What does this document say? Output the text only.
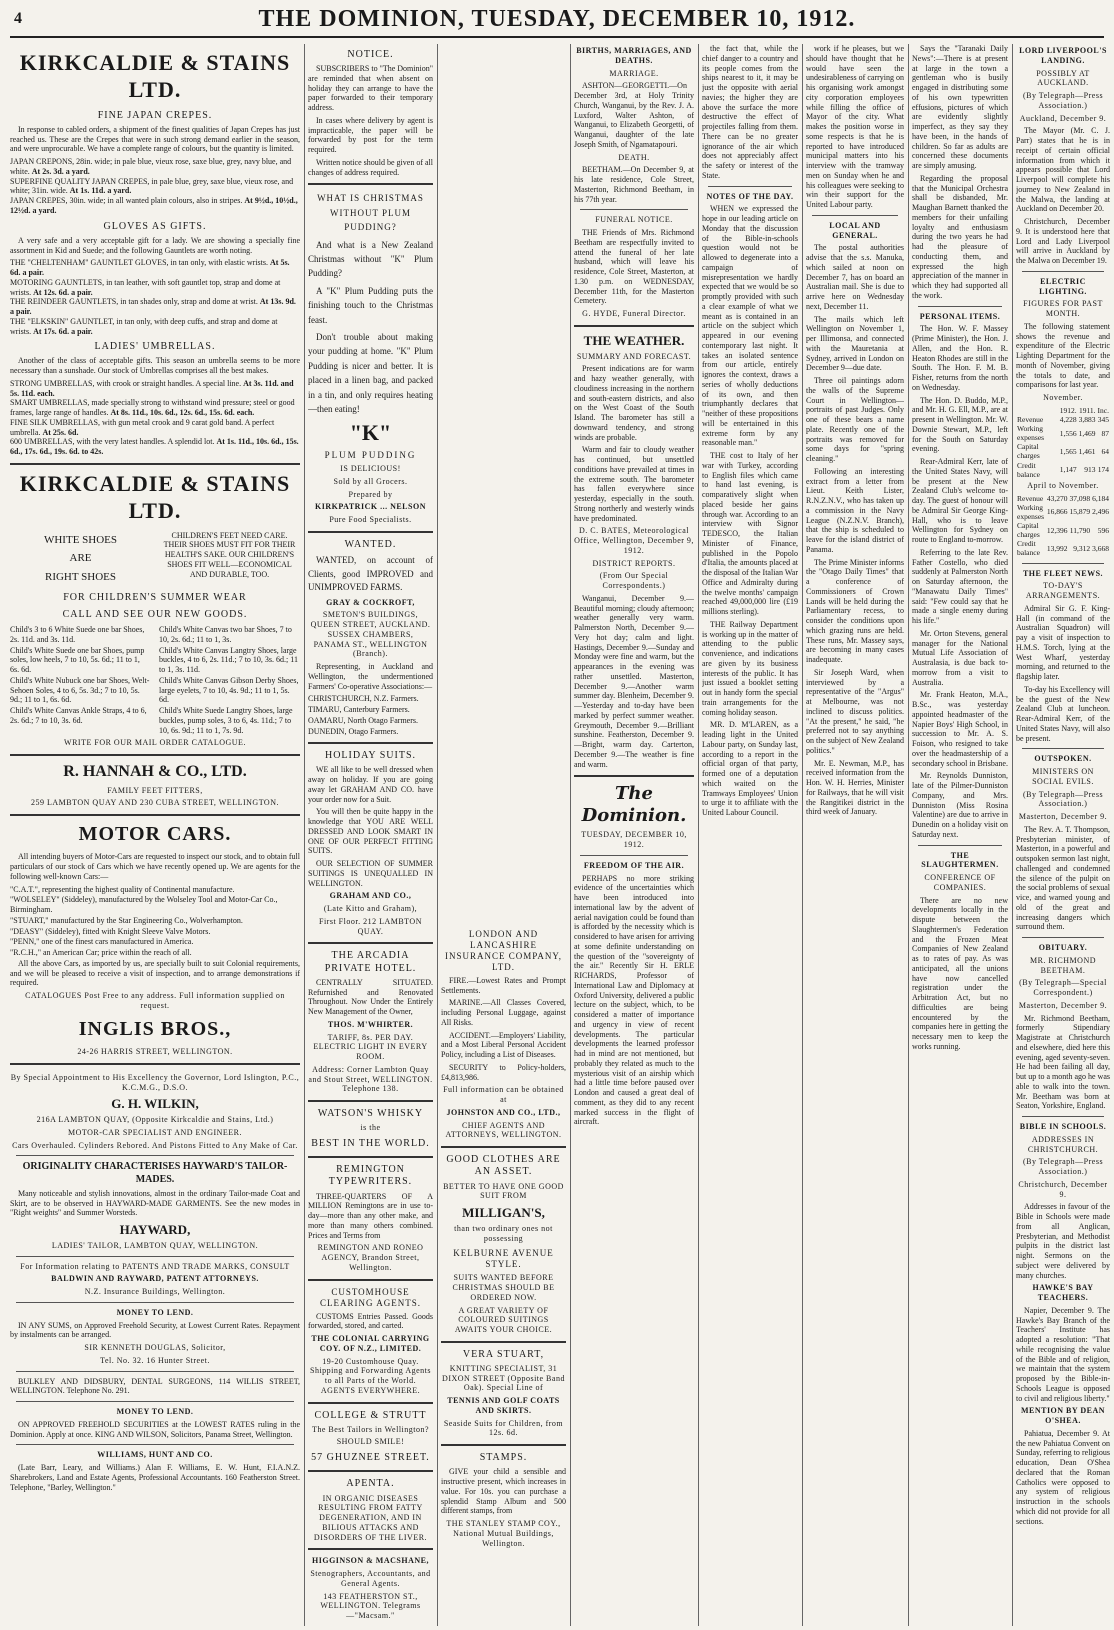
4	THE DOMINION, TUESDAY, DECEMBER 10, 1912.
KIRKCALDIE & STAINS LTD.
FINE JAPAN CREPES.
In response to cabled orders, a shipment of the finest qualities of Japan Crepes has just reached us. These are the Crepes that were in such strong demand earlier in the season, and were unprocurable. We have a complete range of colours, but the quantity is limited.
JAPAN CREPONS, 28in. wide; in pale blue, vieux rose, saxe blue, grey, navy blue, and white. At 2s. 3d. a yard.
SUPERFINE QUALITY JAPAN CREPES, in pale blue, grey, saxe blue, vieux rose, and white; 31in. wide. At 1s. 11d. a yard.
JAPAN CREPES, 30in. wide; in all wanted plain colours, also in stripes. At 9½d., 10½d., 12½d. a yard.
GLOVES AS GIFTS.
A very safe and a very acceptable gift for a lady. We are showing a specially fine assortment in Kid and Suede; and the following Gauntlets are worth noting.
THE "CHELTENHAM" GAUNTLET GLOVES, in tan only, with elastic wrists. At 5s. 6d. a pair.
MOTORING GAUNTLETS, in tan leather, with soft gauntlet top, strap and dome at wrists. At 12s. 6d. a pair.
THE REINDEER GAUNTLETS, in tan shades only, strap and dome at wrist. At 13s. 9d. a pair.
THE "ELKSKIN" GAUNTLET, in tan only, with deep cuffs, and strap and dome at wrists. At 17s. 6d. a pair.
LADIES' UMBRELLAS.
Another of the class of acceptable gifts. This season an umbrella seems to be more necessary than a sunshade. Our stock of Umbrellas comprises all the best makes.
STRONG UMBRELLAS, with crook or straight handles. A special line. At 3s. 11d. and 5s. 11d. each.
SMART UMBRELLAS, made specially strong to withstand wind pressure; steel or good frames, large range of handles. At 8s. 11d., 10s. 6d., 12s. 6d., 15s. 6d. each.
FINE SILK UMBRELLAS, with gun metal crook and 9 carat gold band. A perfect umbrella. At 25s. 6d.
600 UMBRELLAS, with the very latest handles. A splendid lot. At 1s. 11d., 10s. 6d., 15s. 6d., 17s. 6d., 19s. 6d. to 42s.
KIRKCALDIE & STAINS LTD.
WHITE SHOES
ARE
RIGHT SHOES
CHILDREN'S FEET NEED CARE. THEIR SHOES MUST FIT FOR THEIR HEALTH'S SAKE. OUR CHILDREN'S SHOES FIT WELL—ECONOMICAL AND DURABLE, TOO.
FOR CHILDREN'S SUMMER WEAR
CALL AND SEE OUR NEW GOODS.
Child's 3 to 6 White Suede one bar Shoes, 2s. 11d. and 3s. 11d.
Child's White Suede one bar Shoes, pump soles, low heels, 7 to 10, 5s. 6d.; 11 to 1, 6s. 6d.
Child's White Nubuck one bar Shoes, Welt-Sehoen Soles, 4 to 6, 5s. 3d.; 7 to 10, 5s. 9d.; 11 to 1, 6s. 6d.
Child's White Canvas Ankle Straps, 4 to 6, 2s. 6d.; 7 to 10, 3s. 6d.
Child's White Canvas two bar Shoes, 7 to 10, 2s. 6d.; 11 to 1, 3s.
Child's White Canvas Langtry Shoes, large buckles, 4 to 6, 2s. 11d.; 7 to 10, 3s. 6d.; 11 to 1, 3s. 11d.
Child's White Canvas Gibson Derby Shoes, large eyelets, 7 to 10, 4s. 9d.; 11 to 1, 5s. 6d.
Child's White Suede Langtry Shoes, large buckles, pump soles, 3 to 6, 4s. 11d.; 7 to 10, 6s. 9d.; 11 to 1, 7s. 9d.
WRITE FOR OUR MAIL ORDER CATALOGUE.
R. HANNAH & CO., LTD.
FAMILY FEET FITTERS,
259 LAMBTON QUAY AND 230 CUBA STREET, WELLINGTON.
MOTOR CARS.
All intending buyers of Motor-Cars are requested to inspect our stock, and to obtain full particulars of our stock of Cars which we have recently opened up. We are agents for the following well-known Cars:—
"C.A.T.", representing the highest quality of Continental manufacture.
"WOLSELEY" (Siddeley), manufactured by the Wolseley Tool and Motor-Car Co., Birmingham.
"STUART," manufactured by the Star Engineering Co., Wolverhampton.
"DEASY" (Siddeley), fitted with Knight Sleeve Valve Motors.
"PENN," one of the finest cars manufactured in America.
"R.C.H.," an American Car; price within the reach of all.
All the above Cars, as imported by us, are specially built to suit Colonial requirements, and we will be pleased to receive a visit of inspection, and to arrange demonstrations if required.
CATALOGUES Post Free to any address. Full information supplied on request.
INGLIS BROS.,
24-26 HARRIS STREET, WELLINGTON.
By Special Appointment to His Excellency the Governor, Lord Islington, P.C., K.C.M.G., D.S.O.
G. H. WILKIN,
216A LAMBTON QUAY, (Opposite Kirkcaldie and Stains, Ltd.)
MOTOR-CAR SPECIALIST AND ENGINEER.
Cars Overhauled. Cylinders Rebored. And Pistons Fitted to Any Make of Car.
ORIGINALITY CHARACTERISES HAYWARD'S TAILOR-MADES.
Many noticeable and stylish innovations, almost in the ordinary Tailor-made Coat and Skirt, are to be observed in HAYWARD-MADE GARMENTS. See the new modes in "Right weights" and Summer Worsteds.
HAYWARD,
LADIES' TAILOR, LAMBTON QUAY, WELLINGTON.
For Information relating to PATENTS AND TRADE MARKS, CONSULT
BALDWIN AND RAYWARD, PATENT ATTORNEYS.
N.Z. Insurance Buildings, Wellington.
MONEY TO LEND.
IN ANY SUMS, on Approved Freehold Security, at Lowest Current Rates. Repayment by instalments can be arranged.
SIR KENNETH DOUGLAS, Solicitor,
Tel. No. 32. 16 Hunter Street.
BULKLEY AND DIDSBURY, DENTAL SURGEONS, 114 WILLIS STREET, WELLINGTON. Telephone No. 291.
MONEY TO LEND.
ON APPROVED FREEHOLD SECURITIES at the LOWEST RATES ruling in the Dominion. Apply at once. KING AND WILSON, Solicitors, Panama Street, Wellington.
WILLIAMS, HUNT AND CO.
(Late Barr, Leary, and Williams.) Alan F. Williams, E. W. Hunt, F.I.A.N.Z. Sharebrokers, Land and Estate Agents, Professional Accountants. 160 Featherston Street. Telephone, "Barley, Wellington."
NOTICE.
SUBSCRIBERS to "The Dominion" are reminded that when absent on holiday they can arrange to have the paper forwarded to their temporary address.
In cases where delivery by agent is impracticable, the paper will be forwarded by post for the term required.
Written notice should be given of all changes of address required.
WHAT IS CHRISTMAS WITHOUT PLUM PUDDING?
And what is a New Zealand Christmas without "K" Plum Pudding?
A "K" Plum Pudding puts the finishing touch to the Christmas feast.
Don't trouble about making your pudding at home. "K" Plum Pudding is nicer and better. It is placed in a linen bag, and packed in a tin, and only requires heating—then eating!
"K"
PLUM PUDDING
IS DELICIOUS!
Sold by all Grocers.
Prepared by
KIRKPATRICK ... NELSON
Pure Food Specialists.
WANTED.
WANTED, on account of Clients, good IMPROVED and UNIMPROVED FARMS.
GRAY & COCKROFT,
SMETON'S BUILDINGS, QUEEN STREET, AUCKLAND. SUSSEX CHAMBERS, PANAMA ST., WELLINGTON (Branch).
Representing, in Auckland and Wellington, the undermentioned Farmers' Co-operative Associations:—
CHRISTCHURCH, N.Z. Farmers.
TIMARU, Canterbury Farmers.
OAMARU, North Otago Farmers.
DUNEDIN, Otago Farmers.
HOLIDAY SUITS.
WE all like to be well dressed when away on holiday. If you are going away let GRAHAM AND CO. have your order now for a Suit.
You will then be quite happy in the knowledge that YOU ARE WELL DRESSED AND LOOK SMART IN ONE OF OUR PERFECT FITTING SUITS.
OUR SELECTION OF SUMMER SUITINGS IS UNEQUALLED IN WELLINGTON.
GRAHAM AND CO.,
(Late Kitto and Graham),
First Floor. 212 LAMBTON QUAY.
THE ARCADIA PRIVATE HOTEL.
CENTRALLY SITUATED. Refurnished and Renovated Throughout. Now Under the Entirely New Management of the Owner,
THOS. M'WHIRTER.
TARIFF, 8s. PER DAY. ELECTRIC LIGHT IN EVERY ROOM.
Address: Corner Lambton Quay and Stout Street, WELLINGTON. Telephone 138.
WATSON'S WHISKY
is the
BEST IN THE WORLD.
REMINGTON TYPEWRITERS.
THREE-QUARTERS OF A MILLION Remingtons are in use to-day—more than any other make, and more than many others combined. Prices and Terms from
REMINGTON AND RONEO AGENCY, Brandon Street, Wellington.
CUSTOMHOUSE CLEARING AGENTS.
CUSTOMS Entries Passed. Goods forwarded, stored, and carted.
THE COLONIAL CARRYING COY. OF N.Z., LIMITED.
19-20 Customhouse Quay. Shipping and Forwarding Agents to all Parts of the World. AGENTS EVERYWHERE.
COLLEGE & STRUTT
The Best Tailors in Wellington?
SHOULD SMILE!
57 GHUZNEE STREET.
APENTA.
IN ORGANIC DISEASES RESULTING FROM FATTY DEGENERATION, AND IN BILIOUS ATTACKS AND DISORDERS OF THE LIVER.
HIGGINSON & MACSHANE,
Stenographers, Accountants, and General Agents.
143 FEATHERSTON ST., WELLINGTON. Telegrams—"Macsam."
LONDON AND LANCASHIRE INSURANCE COMPANY, LTD.
FIRE.—Lowest Rates and Prompt Settlements.
MARINE.—All Classes Covered, including Personal Luggage, against All Risks.
ACCIDENT.—Employers' Liability, and a Most Liberal Personal Accident Policy, including a List of Diseases.
SECURITY to Policy-holders, £4,813,986.
Full information can be obtained at
JOHNSTON AND CO., LTD.,
CHIEF AGENTS AND ATTORNEYS, WELLINGTON.
GOOD CLOTHES ARE AN ASSET.
BETTER TO HAVE ONE GOOD SUIT FROM
MILLIGAN'S,
than two ordinary ones not possessing
KELBURNE AVENUE STYLE.
SUITS WANTED BEFORE CHRISTMAS SHOULD BE ORDERED NOW.
A GREAT VARIETY OF COLOURED SUITINGS AWAITS YOUR CHOICE.
VERA STUART,
KNITTING SPECIALIST, 31 DIXON STREET (Opposite Band Oak). Special Line of
TENNIS AND GOLF COATS AND SKIRTS.
Seaside Suits for Children, from 12s. 6d.
STAMPS.
GIVE your child a sensible and instructive present, which increases in value. For 10s. you can purchase a splendid Stamp Album and 500 different stamps, from
THE STANLEY STAMP COY., National Mutual Buildings, Wellington.
BIRTHS, MARRIAGES, AND DEATHS.
MARRIAGE.
ASHTON—GEORGETTI.—On December 3rd, at Holy Trinity Church, Wanganui, by the Rev. J. A. Luxford, Walter Ashton, of Wanganui, to Elizabeth Georgetti, of Wanganui, daughter of the late Joseph Smith, of Ngamatapouri.
DEATH.
BEETHAM.—On December 9, at his late residence, Cole Street, Masterton, Richmond Beetham, in his 77th year.
FUNERAL NOTICE.
THE Friends of Mrs. Richmond Beetham are respectfully invited to attend the funeral of her late husband, which will leave his residence, Cole Street, Masterton, at 1.30 p.m. on WEDNESDAY, December 11th, for the Masterton Cemetery.
G. HYDE, Funeral Director.
THE WEATHER.
SUMMARY AND FORECAST.
Present indications are for warm and hazy weather generally, with cloudiness increasing in the northern and south-eastern districts, and also on the West Coast of the South Island. The barometer has still a downward tendency, and strong winds are probable.
Warm and fair to cloudy weather has continued, but unsettled conditions have prevailed at times in the extreme south. The barometer has fallen everywhere since yesterday, especially in the south. Strong northerly and westerly winds have predominated.
D. C. BATES, Meteorological Office, Wellington, December 9, 1912.
DISTRICT REPORTS.
(From Our Special Correspondents.)
Wanganui, December 9.—Beautiful morning; cloudy afternoon; weather generally very warm. Palmerston North, December 9.—Very hot day; calm and light. Hastings, December 9.—Sunday and Monday were fine and warm, but the appearances in the evening was rather unsettled. Masterton, December 9.—Another warm summer day. Blenheim, December 9.—Yesterday and to-day have been marked by perfect summer weather. Greymouth, December 9.—Brilliant sunshine. Featherston, December 9.—Bright, warm day. Carterton, December 9.—The weather is fine and warm.
The Dominion.
TUESDAY, DECEMBER 10, 1912.
FREEDOM OF THE AIR.
PERHAPS no more striking evidence of the uncertainties which have been introduced into international law by the advent of aerial navigation could be found than is afforded by the necessity which is considered to have arisen for arriving at some definite understanding on the question of the "sovereignty of the air." Recently Sir H. ERLE RICHARDS, Professor of International Law and Diplomacy at Oxford University, delivered a public lecture on the subject, which, to be considered a matter of importance and urgency in view of recent developments. The particular developments the learned professor had in mind are not mentioned, but probably they related as much to the mysterious visit of an airship which had a little time before paused over London and caused a great deal of comment, as they did to any recent marked success in the flight of aircraft.
the fact that, while the chief danger to a country and its people comes from the ships nearest to it, it may be just the opposite with aerial navies; the higher they are above the surface the more destructive the effect of projectiles falling from them. There can be no greater ignorance of the air which does not appreciably affect the safety or interest of the State.
NOTES OF THE DAY.
WHEN we expressed the hope in our leading article on Monday that the discussion of the Bible-in-schools question would not be allowed to degenerate into a campaign of misrepresentation we hardly expected that we would be so promptly provided with such a clear example of what we meant as is contained in an article on the subject which appeared in our evening contemporary last night. It takes an isolated sentence from our article, entirely ignores the context, draws a series of wholly deductions of its own, and then triumphantly declares that "neither of these propositions will be entertained in this extreme form by any reasonable man."
THE cost to Italy of her war with Turkey, according to English files which came to hand last evening, is comparatively slight when placed beside her gains through war. According to an interview with Signor TEDESCO, the Italian Minister of Finance, published in the Popolo d'Italia, the amounts placed at the disposal of the Italian War Office and Admiralty during the twelve months' campaign reached 49,000,000 lire (£19 millions sterling).
THE Railway Department is working up in the matter of attending to the public convenience, and indications are given by its business interests of the public. It has just issued a booklet setting out in handy form the special train arrangements for the coming holiday season.
MR. D. M'LAREN, as a leading light in the United Labour party, on Sunday last, according to a report in the official organ of that party, formed one of a deputation which waited on the Tramways Employees' Union to urge it to affiliate with the United Labour Council.
work if he pleases, but we should have thought that he would have seen the undesirableness of carrying on his organising work amongst city corporation employees while filling the office of Mayor of the city. What makes the position worse in some respects is that he is reported to have introduced municipal matters into his interview with the tramway men on Sunday when he and his colleagues were seeking to win their support for the United Labour party.
LOCAL AND GENERAL.
The postal authorities advise that the s.s. Manuka, which sailed at noon on December 7, has on board an Australian mail. She is due to arrive here on Wednesday next, December 11.
The mails which left Wellington on November 1, per Illimonsa, and connected with the Mauretania at Sydney, arrived in London on December 9—due date.
Three oil paintings adorn the walls of the Supreme Court in Wellington—portraits of past Judges. Only one of these bears a name plate. Recently one of the portraits was removed for some days for "spring cleaning."
Following an interesting extract from a letter from Lieut. Keith Lister, R.N.Z.N.V., who has taken up a commission in the Navy League (N.Z.N.V. Branch), that the ship is scheduled to leave for the island district of Panama.
The Prime Minister informs the "Otago Daily Times" that a conference of Commissioners of Crown Lands will be held during the Parliamentary recess, to consider the conditions upon which grazing runs are held. These runs, Mr. Massey says, are becoming in many cases inadequate.
Sir Joseph Ward, when interviewed by a representative of the "Argus" at Melbourne, was not inclined to discuss politics. "At the present," he said, "he preferred not to say anything on the subject of New Zealand politics."
Mr. E. Newman, M.P., has received information from the Hon. W. H. Herries, Minister for Railways, that he will visit the Rangitikei district in the third week of January.
Says the "Taranaki Daily News":—There is at present at large in the town a gentleman who is busily engaged in distributing some of his own typewritten effusions, pictures of which are evidently slightly imperfect, as they say they have been, in the hands of children. So far as adults are concerned these documents are simply amusing.
Regarding the proposal that the Municipal Orchestra shall be disbanded, Mr. Maughan Barnett thanked the members for their unfailing loyalty and enthusiasm during the two years he had had the pleasure of conducting them, and expressed the high appreciation of the manner in which they had supported all the work.
PERSONAL ITEMS.
The Hon. W. F. Massey (Prime Minister), the Hon. J. Allen, and the Hon. R. Heaton Rhodes are still in the South. The Hon. F. M. B. Fisher, returns from the north on Wednesday.
The Hon. D. Buddo, M.P., and Mr. H. G. Ell, M.P., are at present in Wellington. Mr. W. Downie Stewart, M.P., left for the South on Saturday evening.
Rear-Admiral Kerr, late of the United States Navy, will be present at the New Zealand Club's welcome to-day. The guest of honour will be Admiral Sir George King-Hall, who is to leave Wellington for Sydney on route to England to-morrow.
Referring to the late Rev. Father Costello, who died suddenly at Palmerston North on Saturday afternoon, the "Manawatu Daily Times" said: "Few could say that he made a single enemy during his life."
Mr. Orton Stevens, general manager for the National Mutual Life Association of Australasia, is due back to-morrow from a visit to Australia.
Mr. Frank Heaton, M.A., B.Sc., was yesterday appointed headmaster of the Napier Boys' High School, in succession to Mr. A. S. Foison, who resigned to take over the headmastership of a secondary school in Brisbane.
Mr. Reynolds Dunniston, late of the Pilmer-Dunniston Company, and Mrs. Dunniston (Miss Rosina Valentine) are due to arrive in Dunedin on a holiday visit on Saturday next.
THE SLAUGHTERMEN.
CONFERENCE OF COMPANIES.
There are no new developments locally in the dispute between the Slaughtermen's Federation and the Frozen Meat Companies of New Zealand as to rates of pay. As was anticipated, all the unions have now cancelled registration under the Arbitration Act, but no difficulties are being encountered by the companies here in getting the necessary men to keep the works running.
LORD LIVERPOOL'S LANDING.
POSSIBLY AT AUCKLAND.
(By Telegraph—Press Association.)
Auckland, December 9.
The Mayor (Mr. C. J. Parr) states that he is in receipt of certain official information from which it appears possible that Lord Liverpool will complete his journey to New Zealand in the Malwa, the landing at Auckland on December 20.
Christchurch, December 9. It is understood here that Lord and Lady Liverpool will arrive in Auckland by the Malwa on December 19.
ELECTRIC LIGHTING.
FIGURES FOR PAST MONTH.
The following statement shows the revenue and expenditure of the Electric Lighting Department for the month of November, giving the totals to date, and comparisons for last year.
November.
	1912.	1911.	Inc.
Revenue	4,228	3,883	345
Working expenses	1,556	1,469	87
Capital charges	1,565	1,461	64
Credit balance	1,147	913	174
April to November.
Revenue	43,270	37,098	6,184
Working expenses	16,866	15,879	2,496
Capital charges	12,396	11,790	596
Credit balance	13,992	9,312	3,668
THE FLEET NEWS.
TO-DAY'S ARRANGEMENTS.
Admiral Sir G. F. King-Hall (in command of the Australian Squadron) will pay a visit of inspection to H.M.S. Torch, lying at the West Wharf, yesterday morning, and returned to the flagship later.
To-day his Excellency will be the guest of the New Zealand Club at luncheon. Rear-Admiral Kerr, of the United States Navy, will also be present.
OUTSPOKEN.
MINISTERS ON SOCIAL EVILS.
(By Telegraph—Press Association.)
Masterton, December 9.
The Rev. A. T. Thompson, Presbyterian minister, of Masterton, in a powerful and outspoken sermon last night, challenged and condemned the silence of the pulpit on the social problems of sexual vice, and warned young and old of the great and increasing dangers which surround them.
OBITUARY.
MR. RICHMOND BEETHAM.
(By Telegraph—Special Correspondent.)
Masterton, December 9.
Mr. Richmond Beetham, formerly Stipendiary Magistrate at Christchurch and elsewhere, died here this evening, aged seventy-seven. He had been failing all day, but up to a month ago he was able to walk into the town. Mr. Beetham was born at Seaton, Yorkshire, England.
BIBLE IN SCHOOLS.
ADDRESSES IN CHRISTCHURCH.
(By Telegraph—Press Association.)
Christchurch, December 9.
Addresses in favour of the Bible in Schools were made from all Anglican, Presbyterian, and Methodist pulpits in the district last night. Sermons on the subject were delivered by many churches.
HAWKE'S BAY TEACHERS.
Napier, December 9. The Hawke's Bay Branch of the Teachers' Institute has adopted a resolution: "That while recognising the value of the Bible and of religion, we maintain that the system proposed by the Bible-in-Schools League is opposed to civil and religious liberty."
MENTION BY DEAN O'SHEA.
Pahiatua, December 9. At the new Pahiatua Convent on Sunday, referring to religious education, Dean O'Shea declared that the Roman Catholics were opposed to any system of religious instruction in the schools which did not provide for all sections.
